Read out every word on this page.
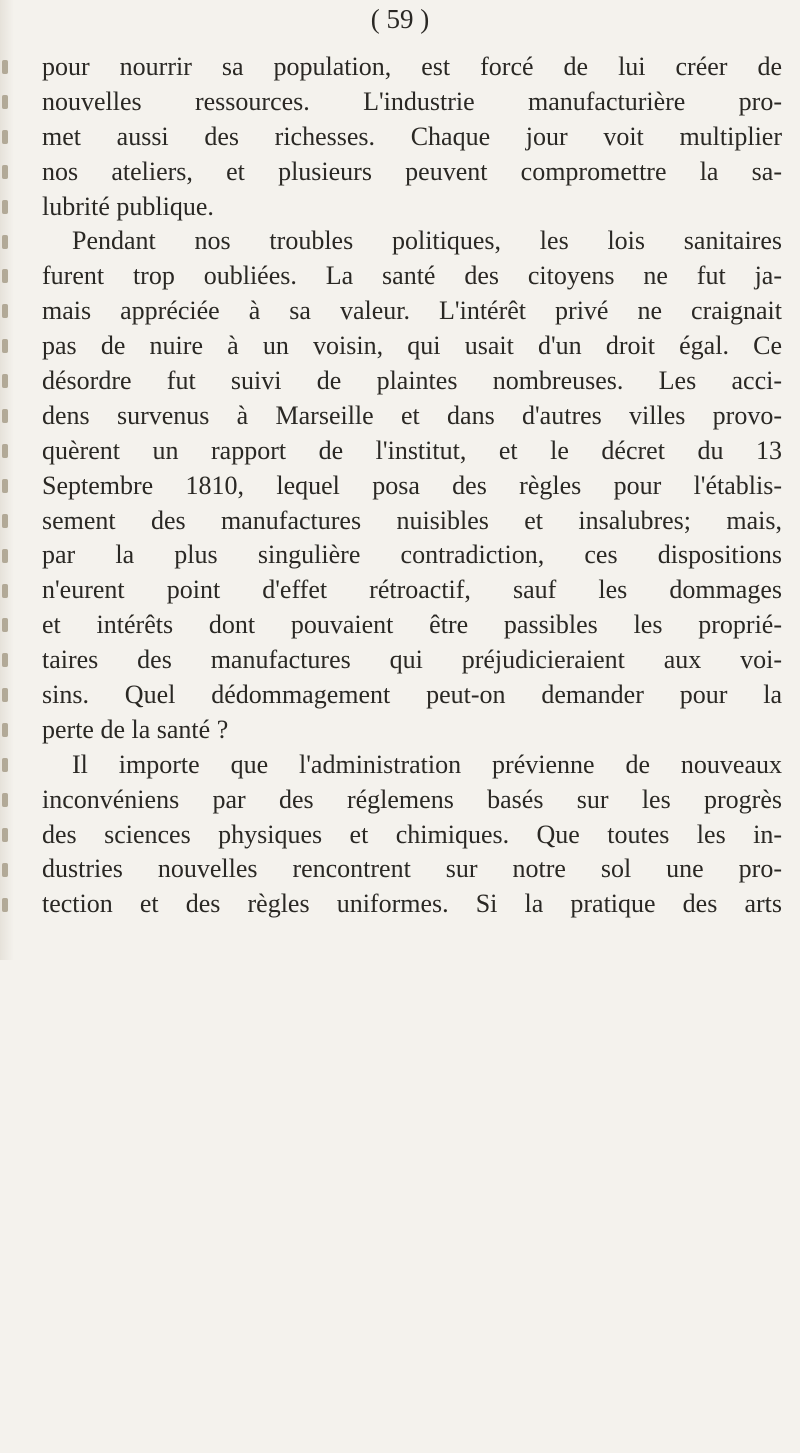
( 59 )
pour nourrir sa population, est forcé de lui créer de
nouvelles ressources. L'industrie manufacturière pro-
met aussi des richesses. Chaque jour voit multiplier
nos ateliers, et plusieurs peuvent compromettre la sa-
lubrité publique.
Pendant nos troubles politiques, les lois sanitaires
furent trop oubliées. La santé des citoyens ne fut ja-
mais appréciée à sa valeur. L'intérêt privé ne craignait
pas de nuire à un voisin, qui usait d'un droit égal. Ce
désordre fut suivi de plaintes nombreuses. Les acci-
dens survenus à Marseille et dans d'autres villes provo-
quèrent un rapport de l'institut, et le décret du 13
Septembre 1810, lequel posa des règles pour l'établis-
sement des manufactures nuisibles et insalubres; mais,
par la plus singulière contradiction, ces dispositions
n'eurent point d'effet rétroactif, sauf les dommages
et intérêts dont pouvaient être passibles les proprié-
taires des manufactures qui préjudicieraient aux voi-
sins. Quel dédommagement peut-on demander pour la
perte de la santé ?
Il importe que l'administration prévienne de nouveaux
inconvéniens par des réglemens basés sur les progrès
des sciences physiques et chimiques. Que toutes les in-
dustries nouvelles rencontrent sur notre sol une pro-
tection et des règles uniformes. Si la pratique des arts
